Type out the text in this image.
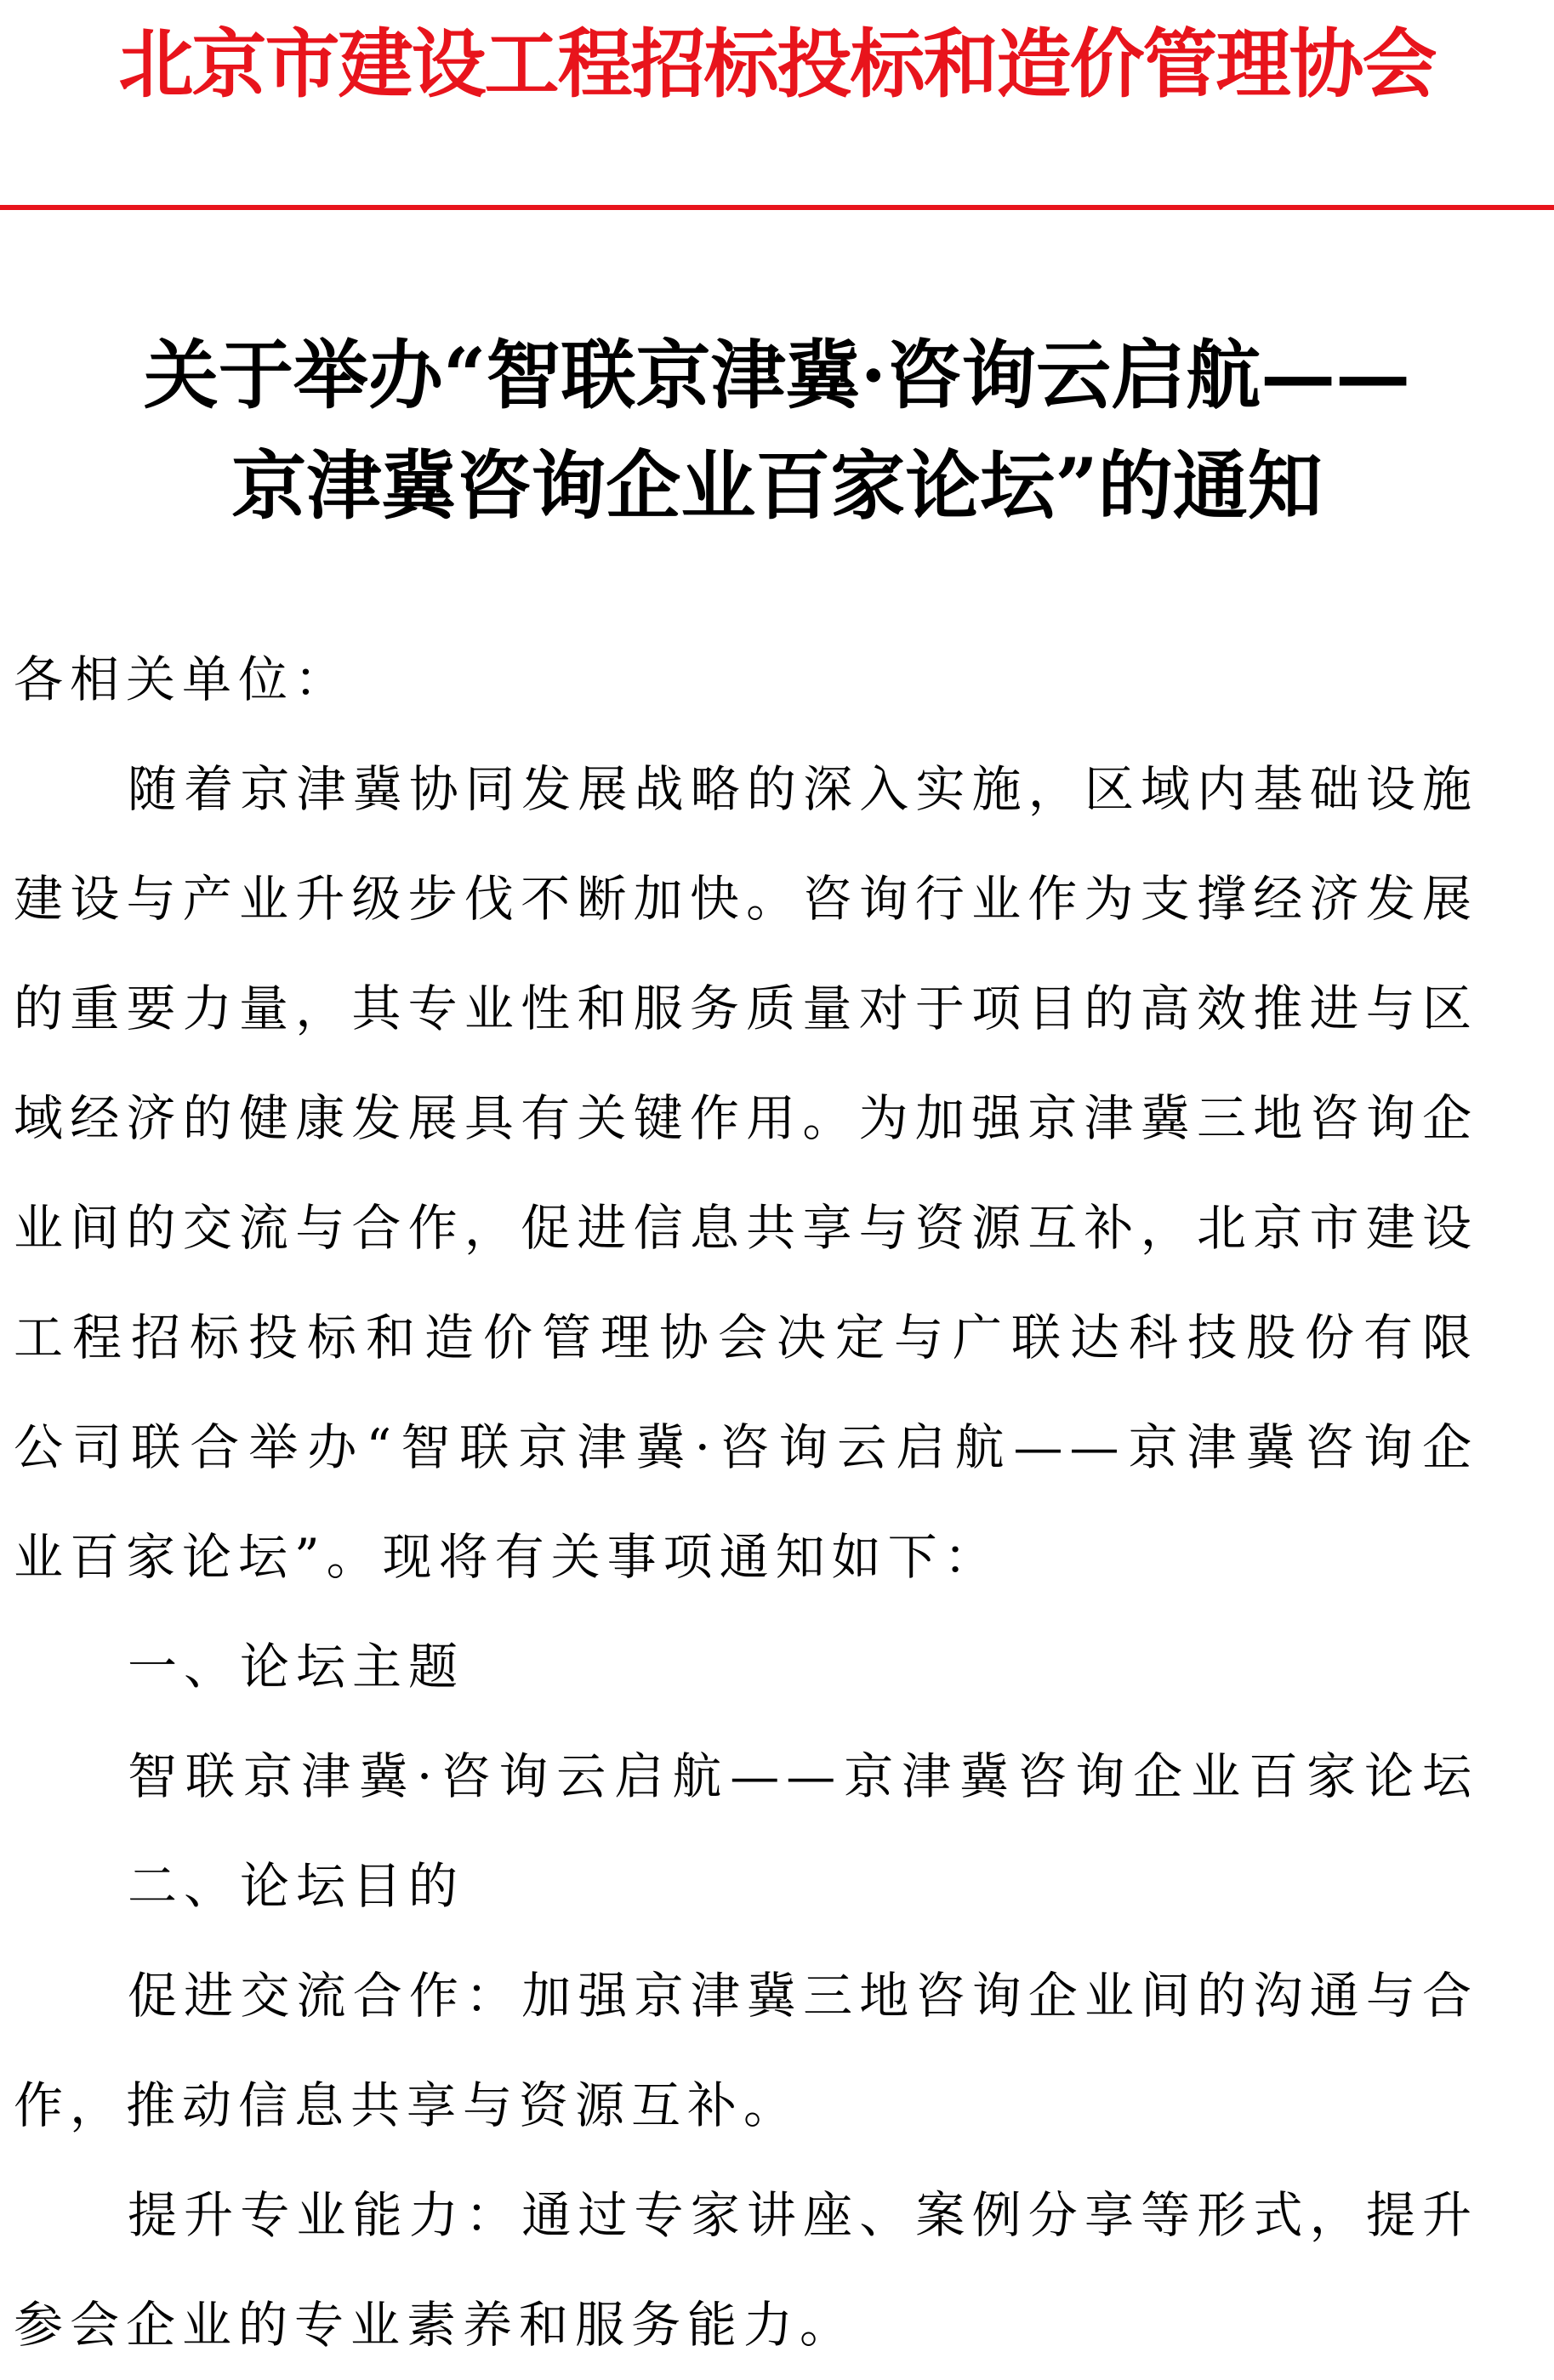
北京市建设工程招标投标和造价管理协会
关于举办“智联京津冀·咨询云启航——
京津冀咨询企业百家论坛”的通知
各相关单位：
随着京津冀协同发展战略的深入实施，区域内基础设施
建设与产业升级步伐不断加快。咨询行业作为支撑经济发展
的重要力量，其专业性和服务质量对于项目的高效推进与区
域经济的健康发展具有关键作用。为加强京津冀三地咨询企
业间的交流与合作，促进信息共享与资源互补，北京市建设
工程招标投标和造价管理协会决定与广联达科技股份有限
公司联合举办“智联京津冀·咨询云启航——京津冀咨询企
业百家论坛”。现将有关事项通知如下：
一、论坛主题
智联京津冀·咨询云启航——京津冀咨询企业百家论坛
二、论坛目的
促进交流合作：加强京津冀三地咨询企业间的沟通与合
作，推动信息共享与资源互补。
提升专业能力：通过专家讲座、案例分享等形式，提升
参会企业的专业素养和服务能力。
